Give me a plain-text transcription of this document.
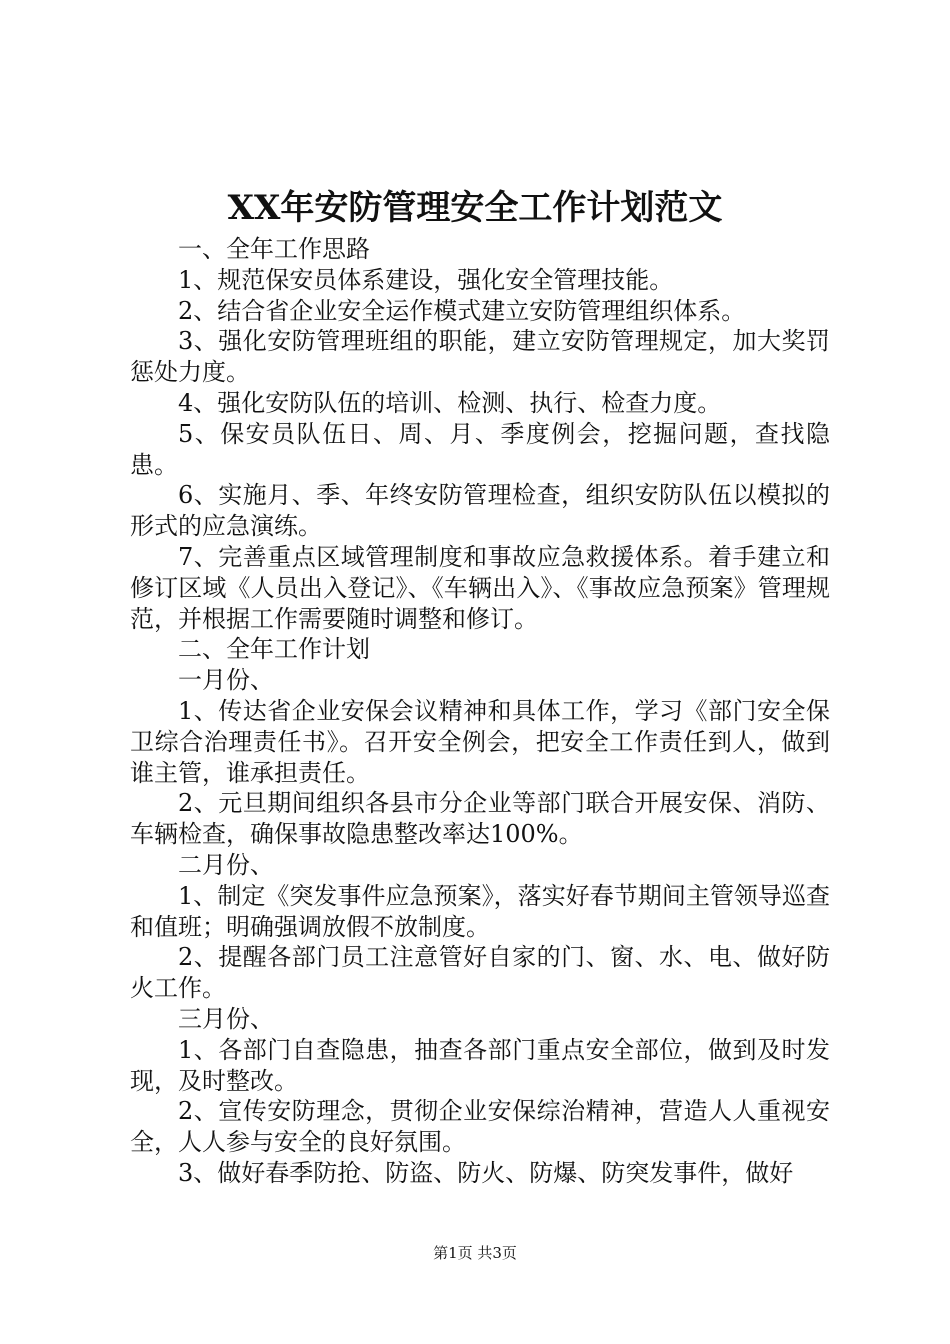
XX年安防管理安全工作计划范文

一、全年工作思路

1、规范保安员体系建设，强化安全管理技能。

2、结合省企业安全运作模式建立安防管理组织体系。

3、强化安防管理班组的职能，建立安防管理规定，加大奖罚惩处力度。

4、强化安防队伍的培训、检测、执行、检查力度。

5、保安员队伍日、周、月、季度例会，挖掘问题，查找隐患。

6、实施月、季、年终安防管理检查，组织安防队伍以模拟的形式的应急演练。

7、完善重点区域管理制度和事故应急救援体系。着手建立和修订区域《人员出入登记》、《车辆出入》、《事故应急预案》管理规范，并根据工作需要随时调整和修订。

二、全年工作计划

一月份、

1、传达省企业安保会议精神和具体工作，学习《部门安全保卫综合治理责任书》。召开安全例会，把安全工作责任到人，做到谁主管，谁承担责任。

2、元旦期间组织各县市分企业等部门联合开展安保、消防、车辆检查，确保事故隐患整改率达100%。

二月份、

1、制定《突发事件应急预案》，落实好春节期间主管领导巡查和值班；明确强调放假不放制度。

2、提醒各部门员工注意管好自家的门、窗、水、电、做好防火工作。

三月份、

1、各部门自查隐患，抽查各部门重点安全部位，做到及时发现，及时整改。

2、宣传安防理念，贯彻企业安保综治精神，营造人人重视安全，人人参与安全的良好氛围。

3、做好春季防抢、防盗、防火、防爆、防突发事件，做好

第1页 共3页
